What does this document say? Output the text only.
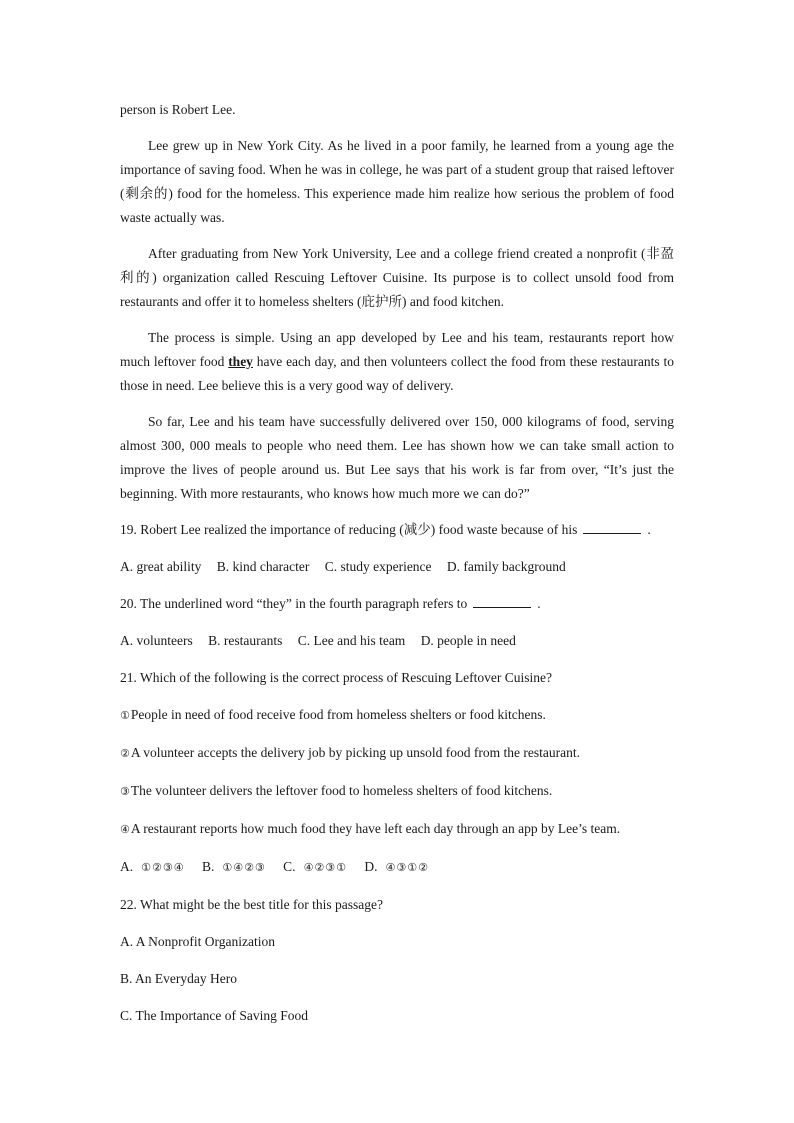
person is Robert Lee.

Lee grew up in New York City. As he lived in a poor family, he learned from a young age the importance of saving food. When he was in college, he was part of a student group that raised leftover (剩余的) food for the homeless. This experience made him realize how serious the problem of food waste actually was.

After graduating from New York University, Lee and a college friend created a nonprofit (非盈利的) organization called Rescuing Leftover Cuisine. Its purpose is to collect unsold food from restaurants and offer it to homeless shelters (庇护所) and food kitchen.

The process is simple. Using an app developed by Lee and his team, restaurants report how much leftover food they have each day, and then volunteers collect the food from these restaurants to those in need. Lee believe this is a very good way of delivery.

So far, Lee and his team have successfully delivered over 150, 000 kilograms of food, serving almost 300, 000 meals to people who need them. Lee has shown how we can take small action to improve the lives of people around us. But Lee says that his work is far from over, “It’s just the beginning. With more restaurants, who knows how much more we can do?”

19. Robert Lee realized the importance of reducing (减少) food waste because of his	.
A. great ability B. kind character C. study experience D. family background
20. The underlined word “they” in the fourth paragraph refers to	.
A. volunteers B. restaurants C. Lee and his team D. people in need
21. Which of the following is the correct process of Rescuing Leftover Cuisine?
①People in need of food receive food from homeless shelters or food kitchens.
②A volunteer accepts the delivery job by picking up unsold food from the restaurant.
③The volunteer delivers the leftover food to homeless shelters of food kitchens.
④A restaurant reports how much food they have left each day through an app by Lee’s team.
A. ①②③④ B. ①④②③ C. ④②③① D. ④③①②
22. What might be the best title for this passage?
A. A Nonprofit Organization
B. An Everyday Hero
C. The Importance of Saving Food
